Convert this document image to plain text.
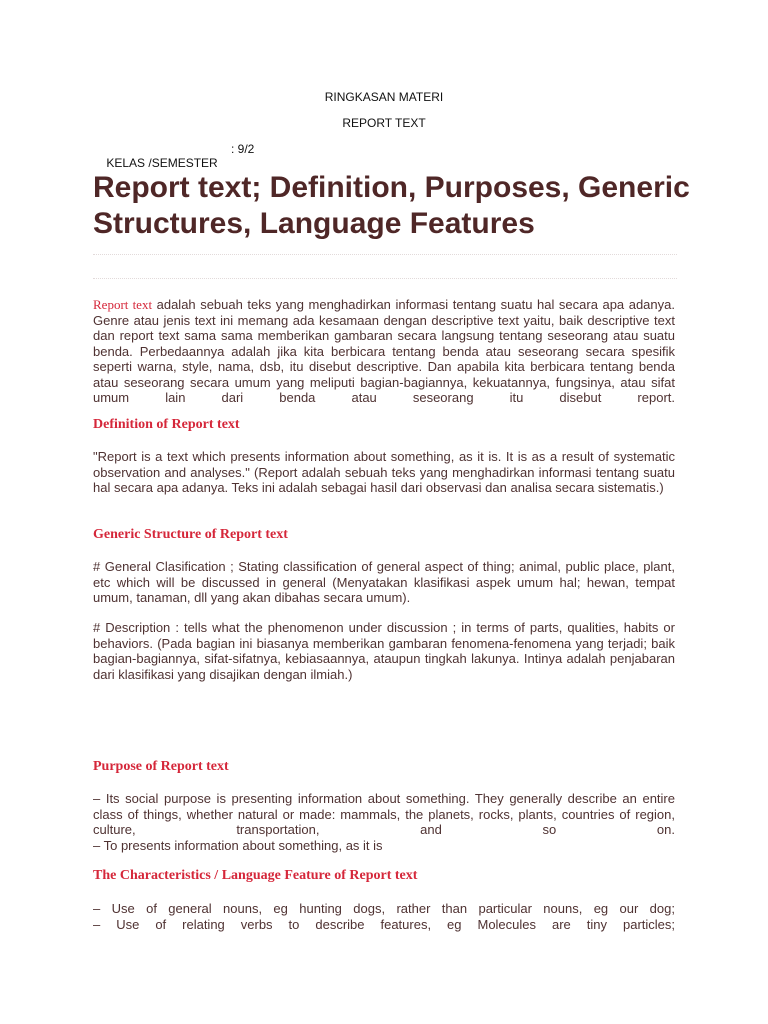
RINGKASAN MATERI
REPORT TEXT

KELAS /SEMESTER

: 9/2

Report text; Definition, Purposes, Generic Structures, Language Features

Report text adalah sebuah teks yang menghadirkan informasi tentang suatu hal secara apa adanya. Genre atau jenis text ini memang ada kesamaan dengan descriptive text yaitu, baik descriptive text dan report text sama sama memberikan gambaran secara langsung tentang seseorang atau suatu benda. Perbedaannya adalah jika kita berbicara tentang benda atau seseorang secara spesifik seperti warna, style, nama, dsb, itu disebut descriptive. Dan apabila kita berbicara tentang benda atau seseorang secara umum yang meliputi bagian-bagiannya, kekuatannya, fungsinya, atau sifat umum lain dari benda atau seseorang itu disebut report.

Definition of Report text

"Report is a text which presents information about something, as it is. It is as a result of systematic observation and analyses." (Report adalah sebuah teks yang menghadirkan informasi tentang suatu hal secara apa adanya. Teks ini adalah sebagai hasil dari observasi dan analisa secara sistematis.)

Generic Structure of Report text

# General Clasification ; Stating classification of general aspect of thing; animal, public place, plant, etc which will be discussed in general (Menyatakan klasifikasi aspek umum hal; hewan, tempat umum, tanaman, dll yang akan dibahas secara umum).

# Description : tells what the phenomenon under discussion ; in terms of parts, qualities, habits or behaviors. (Pada bagian ini biasanya memberikan gambaran fenomena-fenomena yang terjadi; baik bagian-bagiannya, sifat-sifatnya, kebiasaannya, ataupun tingkah lakunya. Intinya adalah penjabaran dari klasifikasi yang disajikan dengan ilmiah.)

Purpose of Report text
– Its social purpose is presenting information about something. They generally describe an entire class of things, whether natural or made: mammals, the planets, rocks, plants, countries of region, culture, transportation, and so on.
– To presents information about something, as it is
The Characteristics / Language Feature of Report text
– Use of general nouns, eg hunting dogs, rather than particular nouns, eg our dog;
– Use of relating verbs to describe features, eg Molecules are tiny particles;
